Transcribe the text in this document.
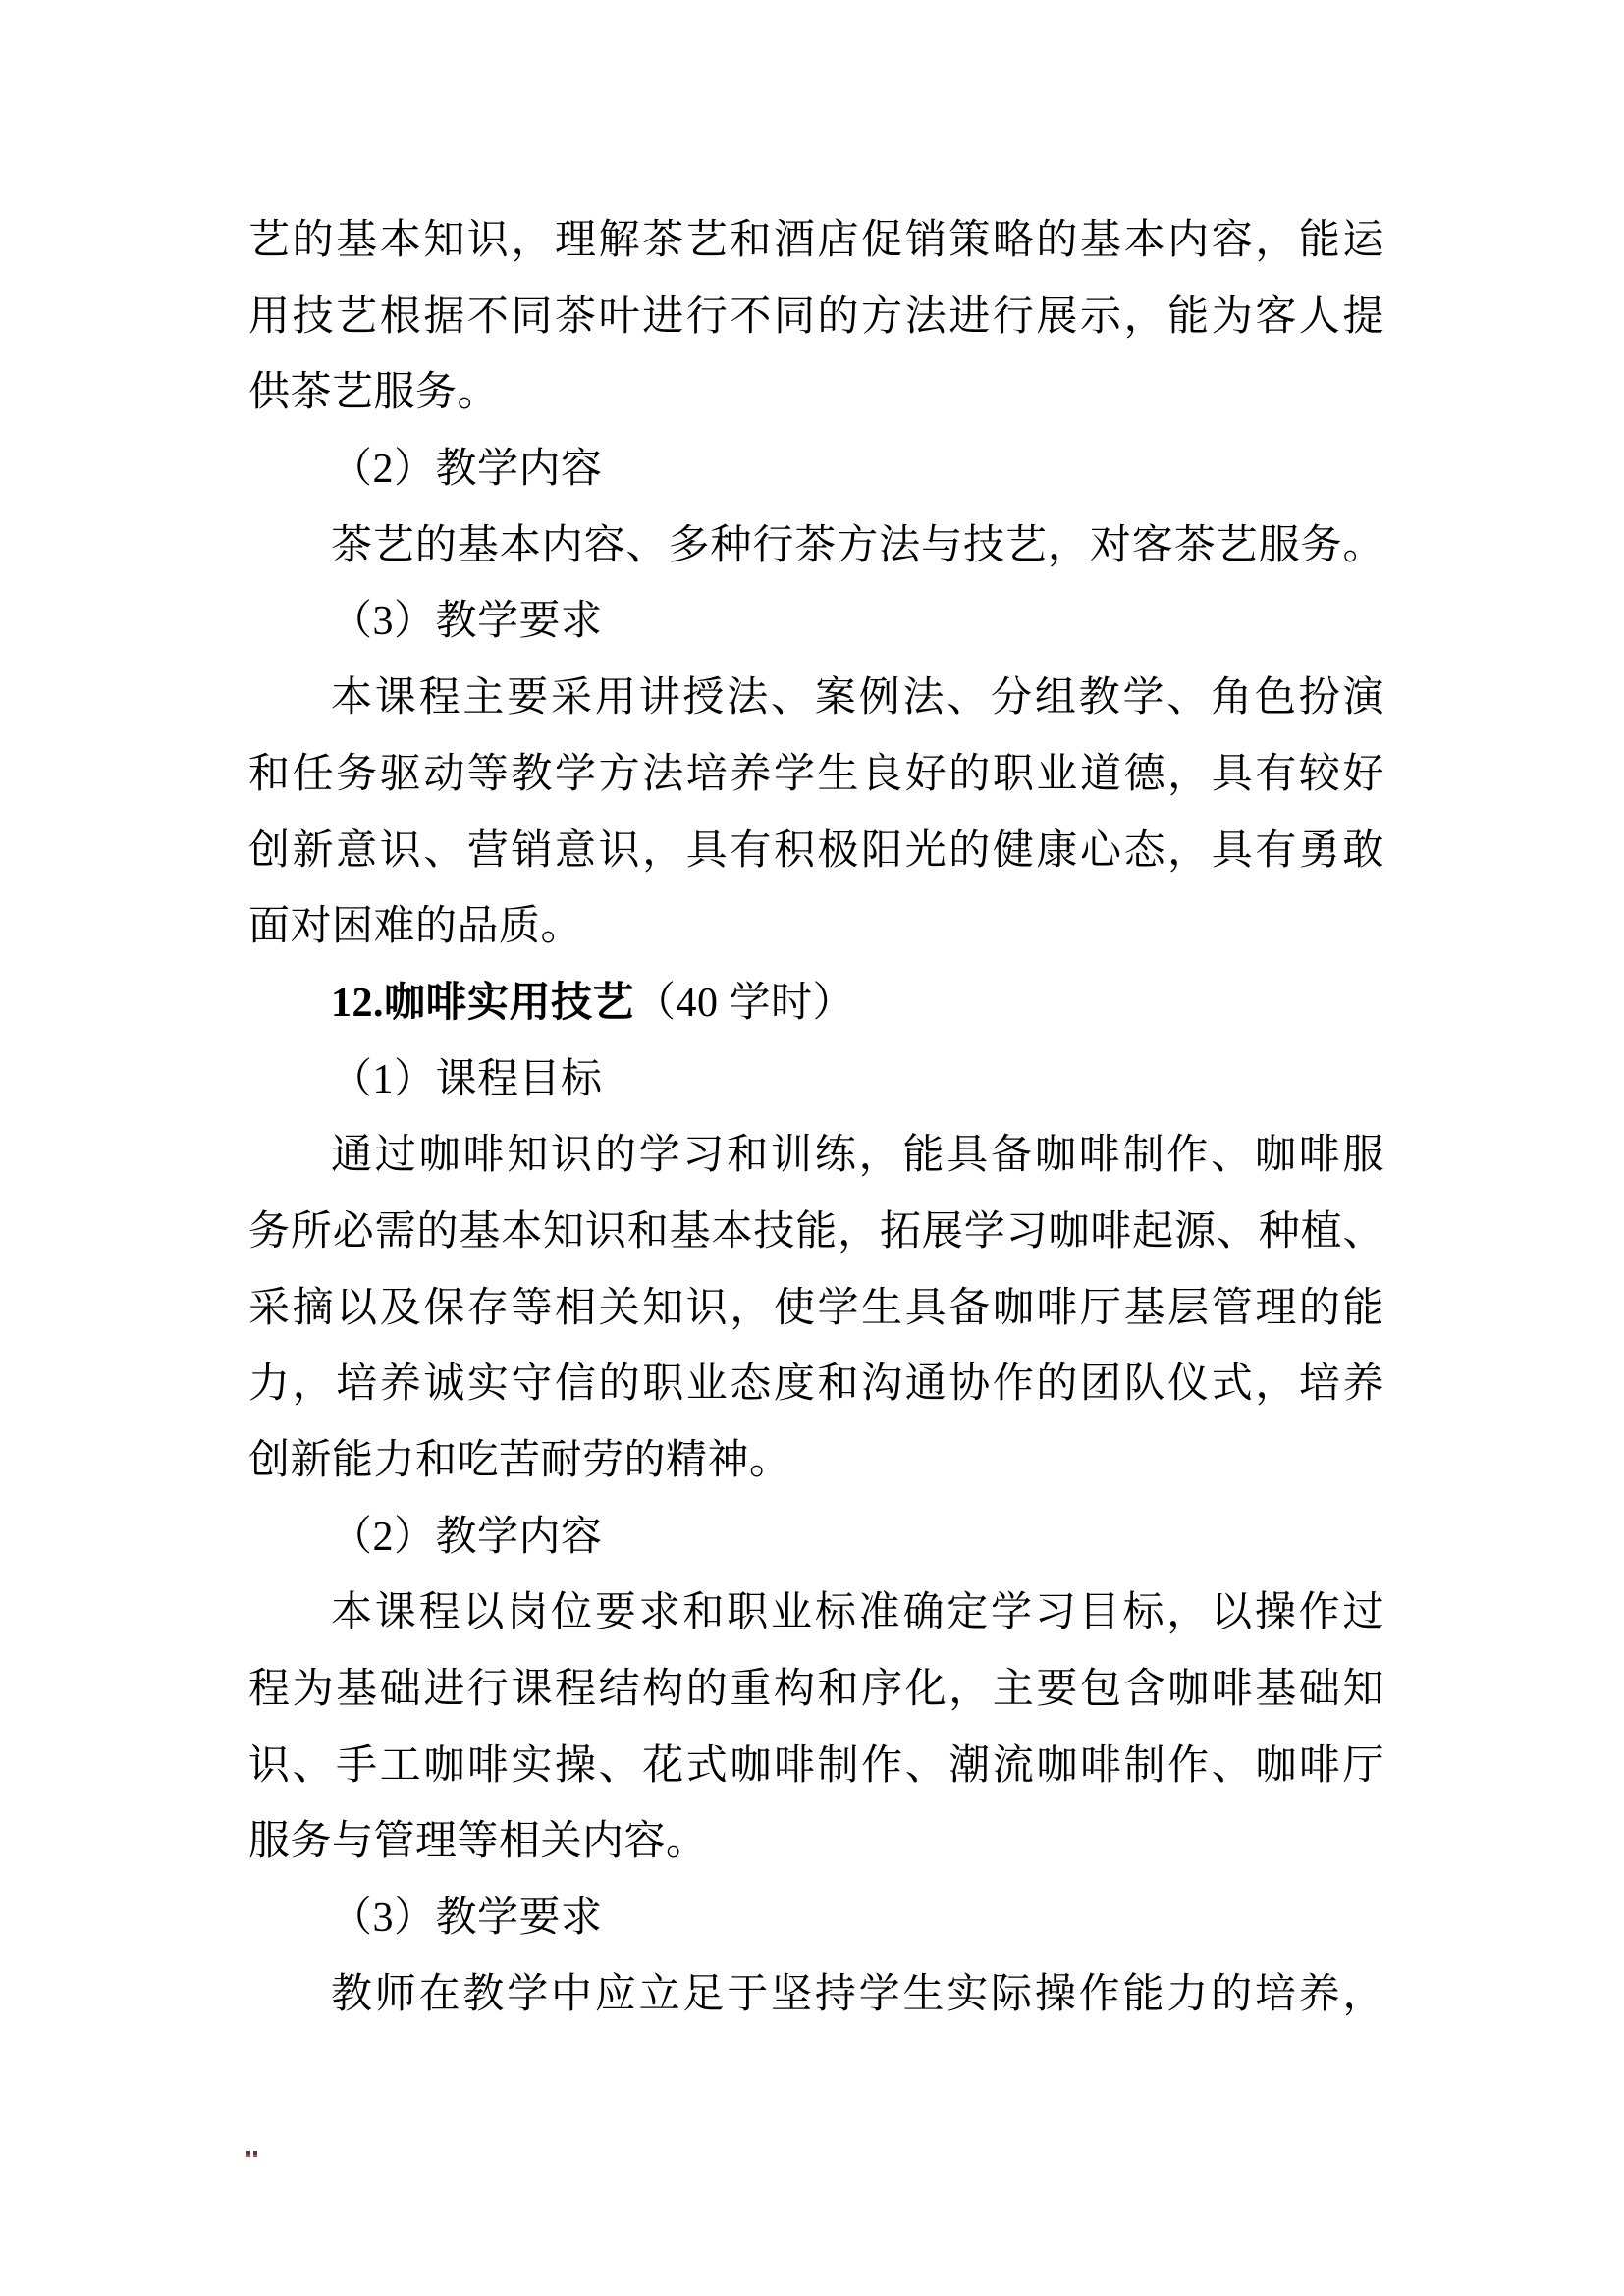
艺的基本知识，理解茶艺和酒店促销策略的基本内容，能运
用技艺根据不同茶叶进行不同的方法进行展示，能为客人提
供茶艺服务。
（2）教学内容
茶艺的基本内容、多种行茶方法与技艺，对客茶艺服务。
（3）教学要求
本课程主要采用讲授法、案例法、分组教学、角色扮演
和任务驱动等教学方法培养学生良好的职业道德，具有较好
创新意识、营销意识，具有积极阳光的健康心态，具有勇敢
面对困难的品质。
12.咖啡实用技艺（40 学时）
（1）课程目标
通过咖啡知识的学习和训练，能具备咖啡制作、咖啡服
务所必需的基本知识和基本技能，拓展学习咖啡起源、种植、
采摘以及保存等相关知识，使学生具备咖啡厅基层管理的能
力，培养诚实守信的职业态度和沟通协作的团队仪式，培养
创新能力和吃苦耐劳的精神。
（2）教学内容
本课程以岗位要求和职业标准确定学习目标，以操作过
程为基础进行课程结构的重构和序化，主要包含咖啡基础知
识、手工咖啡实操、花式咖啡制作、潮流咖啡制作、咖啡厅
服务与管理等相关内容。
（3）教学要求
教师在教学中应立足于坚持学生实际操作能力的培养，
